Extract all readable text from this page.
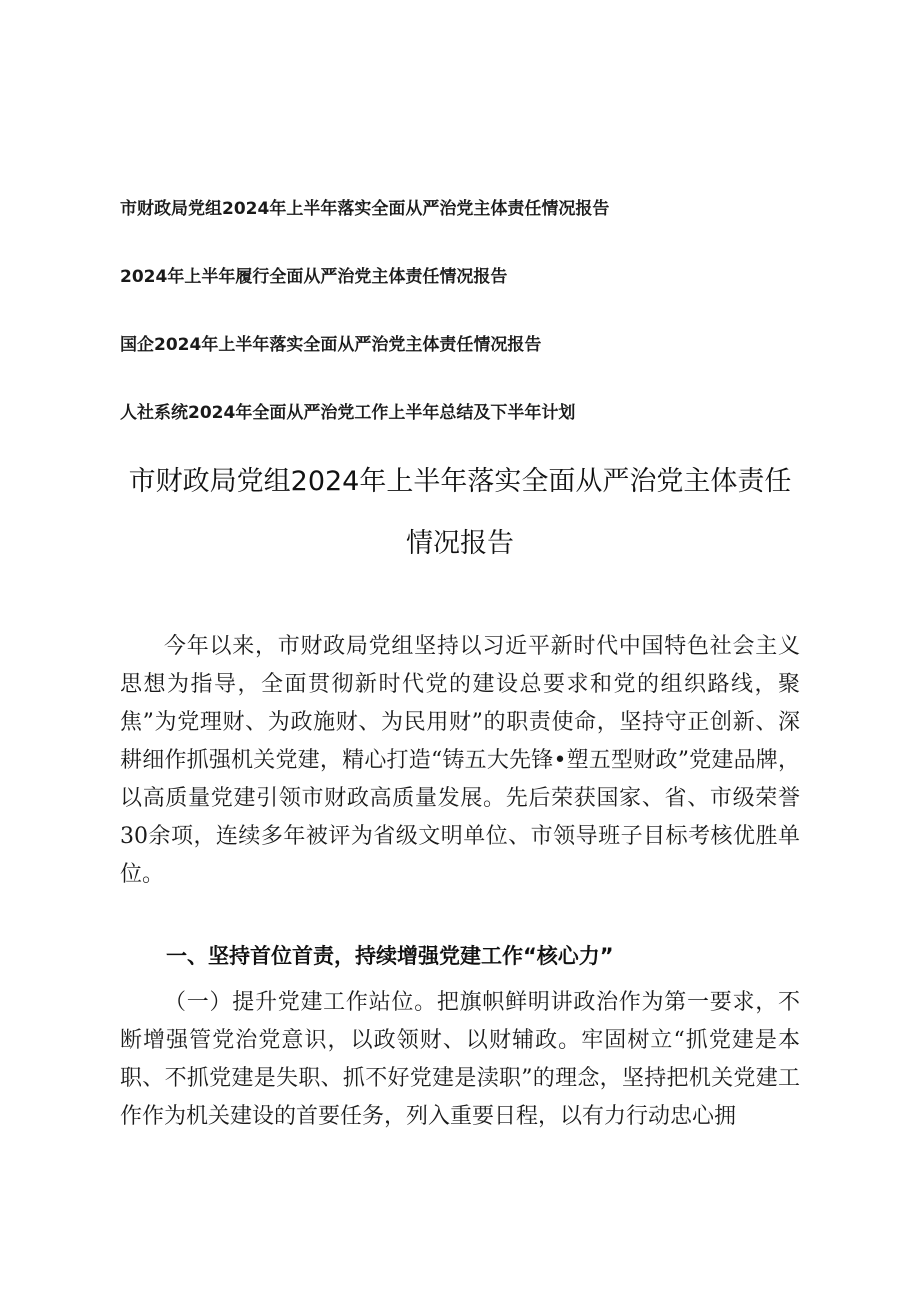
市财政局党组2024年上半年落实全面从严治党主体责任情况报告
2024年上半年履行全面从严治党主体责任情况报告
国企2024年上半年落实全面从严治党主体责任情况报告
人社系统2024年全面从严治党工作上半年总结及下半年计划
市财政局党组2024年上半年落实全面从严治党主体责任
情况报告
今年以来，市财政局党组坚持以习近平新时代中国特色社会主义思想为指导，全面贯彻新时代党的建设总要求和党的组织路线，聚焦”为党理财、为政施财、为民用财”的职责使命，坚持守正创新、深耕细作抓强机关党建，精心打造“铸五大先锋•塑五型财政”党建品牌，以高质量党建引领市财政高质量发展。先后荣获国家、省、市级荣誉30余项，连续多年被评为省级文明单位、市领导班子目标考核优胜单位。
一、坚持首位首责，持续增强党建工作“核心力”
（一）提升党建工作站位。把旗帜鲜明讲政治作为第一要求，不断增强管党治党意识，以政领财、以财辅政。牢固树立“抓党建是本职、不抓党建是失职、抓不好党建是渎职”的理念，坚持把机关党建工作作为机关建设的首要任务，列入重要日程，以有力行动忠心拥
